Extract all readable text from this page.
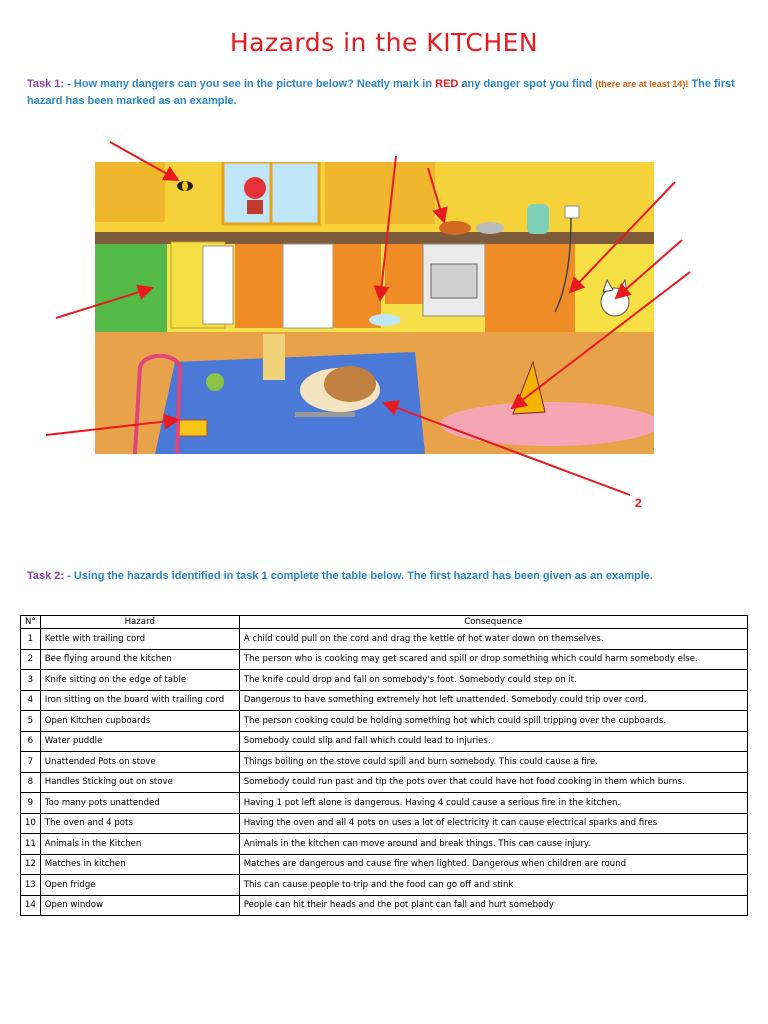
Hazards in the KITCHEN
Task 1: - How many dangers can you see in the picture below? Neatly mark in RED any danger spot you find (there are at least 14)! The first hazard has been marked as an example.
2
Task 2: - Using the hazards identified in task 1 complete the table below. The first hazard has been given as an example.
N°	Hazard	Consequence
1	Kettle with trailing cord	A child could pull on the cord and drag the kettle of hot water down on themselves.
2	Bee flying around the kitchen	The person who is cooking may get scared and spill or drop something which could harm somebody else.
3	Knife sitting on the edge of table	The knife could drop and fall on somebody's foot. Somebody could step on it.
4	Iron sitting on the board with trailing cord	Dangerous to have something extremely hot left unattended. Somebody could trip over cord.
5	Open Kitchen cupboards	The person cooking could be holding something hot which could spill tripping over the cupboards.
6	Water puddle	Somebody could slip and fall which could lead to injuries.
7	Unattended Pots on stove	Things boiling on the stove could spill and burn somebody. This could cause a fire.
8	Handles Sticking out on stove	Somebody could run past and tip the pots over that could have hot food cooking in them which burns.
9	Too many pots unattended	Having 1 pot left alone is dangerous. Having 4 could cause a serious fire in the kitchen.
10	The oven and 4 pots	Having the oven and all 4 pots on uses a lot of electricity it can cause electrical sparks and fires
11	Animals in the Kitchen	Animals in the kitchen can move around and break things. This can cause injury.
12	Matches in kitchen	Matches are dangerous and cause fire when lighted. Dangerous when children are round
13	Open fridge	This can cause people to trip and the food can go off and stink
14	Open window	People can hit their heads and the pot plant can fall and hurt somebody
